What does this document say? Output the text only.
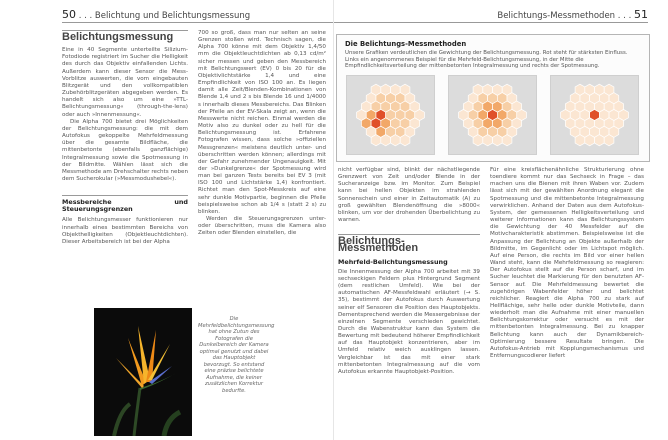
50 . . . Belichtung und Belichtungsmessung
Belichtungsmessung

Eine in 40 Segmente unterteilte Silizium-Fotodiode registriert im Sucher die Helligkeit des durch das Objektiv einfallenden Lichts. Außerdem kann dieser Sensor die Mess-Vorblitze auswerten, die vom eingebauten Blitzgerät und den vollkompatiblen Zubehörblitzgeräten abgegeben werden. Es handelt sich also um eine »TTL-Belichtungsmessung« (through-the-lens) oder auch »Innenmessung«.

Die Alpha 700 bietet drei Möglichkeiten der Belichtungsmessung: die mit dem Autofokus gekoppelte Mehrfeldmessung über die gesamte Bildfläche, die mittenbetonte (ebenfalls ganzflächige) Integralmessung sowie die Spotmessung in der Bildmitte. Wählen lässt sich die Messmethode am Drehschalter rechts neben dem Sucherokular (»Messmodushebel«).

Messbereiche und Steuerungsgrenzen

Alle Belichtungsmesser funktionieren nur innerhalb eines bestimmten Bereichs von Objekthelligkeiten (Objektleuchtdichten). Dieser Arbeitsbereich ist bei der Alpha

700 so groß, dass man nur selten an seine Grenzen stoßen wird. Technisch sagen, die Alpha 700 könne mit dem Objektiv 1,4/50 mm die Objektleuchtdichten ab 0,13 cd/m² sicher messen und geben den Messbereich mit Belichtungswert (EV) 0 bis 20 für die Objektivlichtstärke 1,4 und eine Empfindlichkeit von ISO 100 an. Es liegen damit alle Zeit/Blenden-Kombinationen von Blende 1,4 und 2 s bis Blende 16 und 1/4000 s innerhalb dieses Messbereichs. Das Blinken der Pfeile an der EV-Skala zeigt an, wenn die Messwerte nicht reichen. Einmal werden die Motiv also zu dunkel oder zu hell für die Belichtungsmessung ist. Erfahrene Fotografen wissen, dass solche »offiziellen Messgrenzen« meistens deutlich unter- und überschritten werden können; allerdings mit der Gefahr zunehmender Ungenauigkeit. Mit der »Dunkelgrenze« der Spotmessung wird man bei ganzen Tests bereits bei EV 3 (mit ISO 100 und Lichtstärke 1,4) konfrontiert. Richtet man den Spot-Messkreis auf eine sehr dunkle Motivpartie, beginnen die Pfeile beispielsweise schon ab 1/4 s (statt 2 s) zu blinken.

Werden die Steuerungsgrenzen unter- oder überschritten, muss die Kamera also Zeiten oder Blenden einstellen, die

Die Mehrfeldbelichtungsmessung hat ohne Zutun des Fotografen die Dunkelbereich der Kamera optimal genutzt und dabei das Hauptobjekt bevorzugt. So entstand eine präzise belichtete Aufnahme, die keiner zusätzlichen Korrektur bedurfte.
Belichtungs-Messmethoden . . . 51
Die Belichtungs-Messmethoden
Unsere Grafiken verdeutlichen die Gewichtung der Belichtungsmessung. Rot steht für stärksten Einfluss. Links ein angenommenes Beispiel für die Mehrfeld-Belichtungsmessung, in der Mitte die Empfindlichkeitsverteilung der mittenbetonten Integralmessung und rechts der Spotmessung.

nicht verfügbar sind, blinkt der nächstliegende Grenzwert von Zeit und/oder Blende in der Sucheranzeige bzw. im Monitor. Zum Beispiel kann bei hellen Objekten im strahlenden Sonnenschein und einer in Zeitautomatik (A) zu groß gewählten Blendenöffnung die »8000« blinken, um vor der drohenden Überbelichtung zu warnen.

Belichtungs-Messmethoden
Mehrfeld-Belichtungsmessung

Die Innenmessung der Alpha 700 arbeitet mit 39 sechseckigen Feldern plus Hintergrund Segment (dem restlichen Umfeld). Wie bei der automatischen AF-Messfeldwahl erläutert (→ S. 35), bestimmt der Autofokus durch Auswertung seiner elf Sensoren die Position des Hauptobjekts. Dementsprechend werden die Messergebnisse der einzelnen Segmente verschieden gewichtet. Durch die Wabenstruktur kann das System die Bewertung mit bedeutend höherer Empfindlichkeit auf das Hauptobjekt konzentrieren, aber im Umfeld relativ weich ausklingen lassen. Vergleichbar ist das mit einer stark mittenbetonten Integralmessung auf die vom Autofokus erkannte Hauptobjekt-Position.

Für eine kreisflächenähnliche Strukturierung ohne toendiere kommt nur das Sechseck in Frage – das machen uns die Bienen mit ihren Waben vor. Zudem lässt sich mit der gewählten Anordnung elegant die Spotmessung und die mittenbetonte Integralmessung verwirklichen. Anhand der Daten aus dem Autofokus-System, der gemessenen Helligkeitsverteilung und weiterer Informationen kann das Belichtungssystem die Gewichtung der 40 Messfelder auf die Motivcharakteristik abstimmen. Beispielsweise ist die Anpassung der Belichtung an Objekte außerhalb der Bildmitte, im Gegenlicht oder im Lichtspot möglich. Auf eine Person, die rechts im Bild vor einer hellen Wand steht, kann die Mehrfeldmessung so reagieren: Der Autofokus stellt auf die Person scharf, und im Sucher leuchtet die Markierung für den benutzten AF-Sensor auf. Die Mehrfeldmessung bewertet die zugehörigen Wabenfelder höher und belichtet reichlicher. Reagiert die Alpha 700 zu stark auf Hellflächige, sehr helle oder dunkle Motivteile, dann wiederholt man die Aufnahme mit einer manuellen Belichtungskorrektur oder versucht es mit der mittenbetonten Integralmessung. Bei zu knapper Belichtung kann auch der Dynamikbereich-Optimierung bessere Resultate bringen. Die Autofokus-Antrieb mit Kopplungsmechanismus und Entfernungscodierer liefert
